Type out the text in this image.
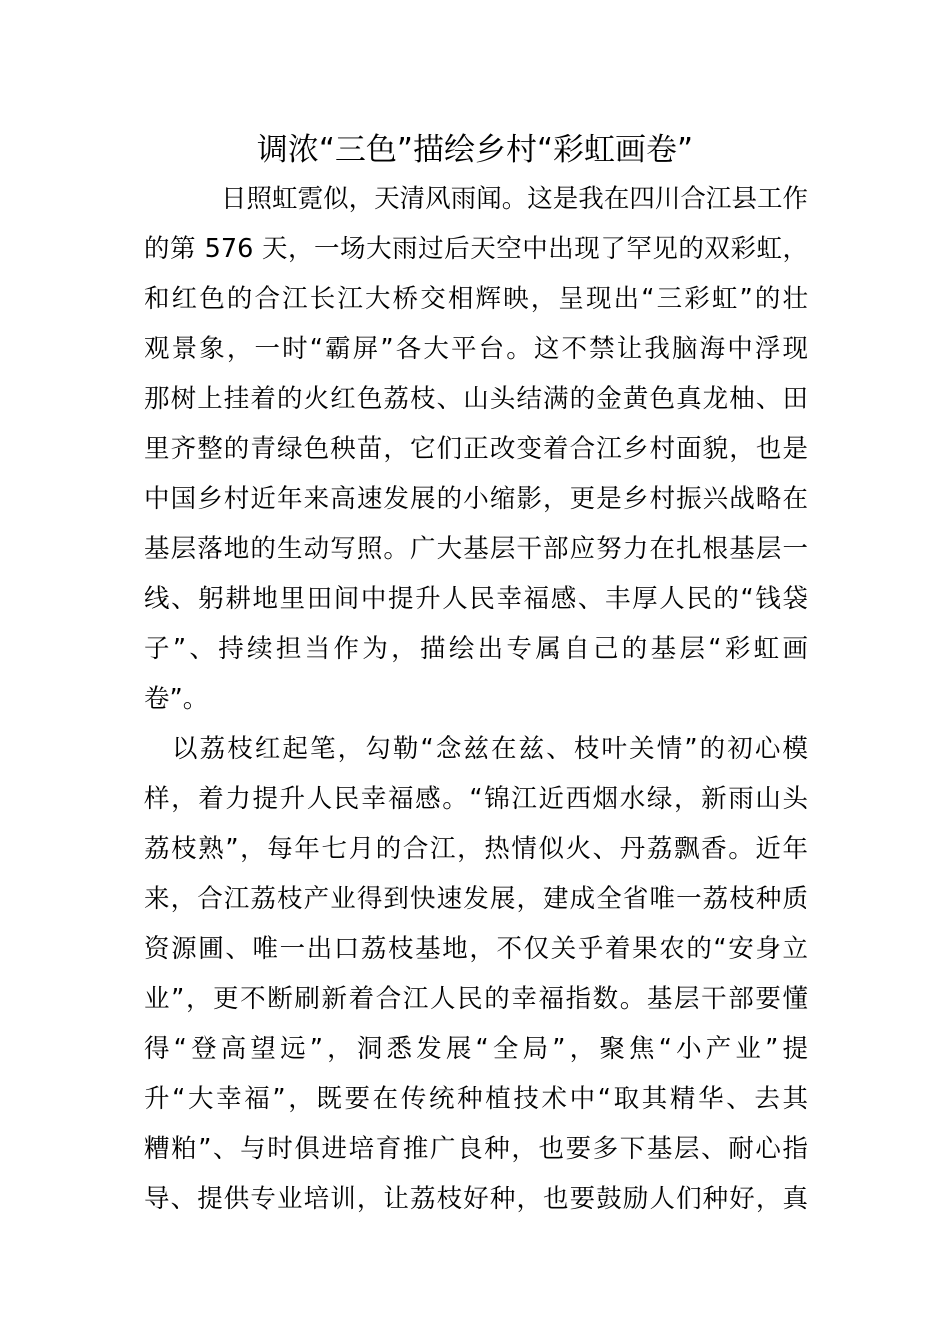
调浓“三色”描绘乡村“彩虹画卷”
日照虹霓似，天清风雨闻。这是我在四川合江县工作
的第 576 天，一场大雨过后天空中出现了罕见的双彩虹，
和红色的合江长江大桥交相辉映，呈现出“三彩虹”的壮
观景象，一时“霸屏”各大平台。这不禁让我脑海中浮现
那树上挂着的火红色荔枝、山头结满的金黄色真龙柚、田
里齐整的青绿色秧苗，它们正改变着合江乡村面貌，也是
中国乡村近年来高速发展的小缩影，更是乡村振兴战略在
基层落地的生动写照。广大基层干部应努力在扎根基层一
线、躬耕地里田间中提升人民幸福感、丰厚人民的“钱袋
子”、持续担当作为，描绘出专属自己的基层“彩虹画
卷”。
以荔枝红起笔，勾勒“念兹在兹、枝叶关情”的初心模
样，着力提升人民幸福感。“锦江近西烟水绿，新雨山头
荔枝熟”，每年七月的合江，热情似火、丹荔飘香。近年
来，合江荔枝产业得到快速发展，建成全省唯一荔枝种质
资源圃、唯一出口荔枝基地，不仅关乎着果农的“安身立
业”，更不断刷新着合江人民的幸福指数。基层干部要懂
得“登高望远”，洞悉发展“全局”，聚焦“小产业”提
升“大幸福”，既要在传统种植技术中“取其精华、去其
糟粕”、与时俱进培育推广良种，也要多下基层、耐心指
导、提供专业培训，让荔枝好种，也要鼓励人们种好，真
